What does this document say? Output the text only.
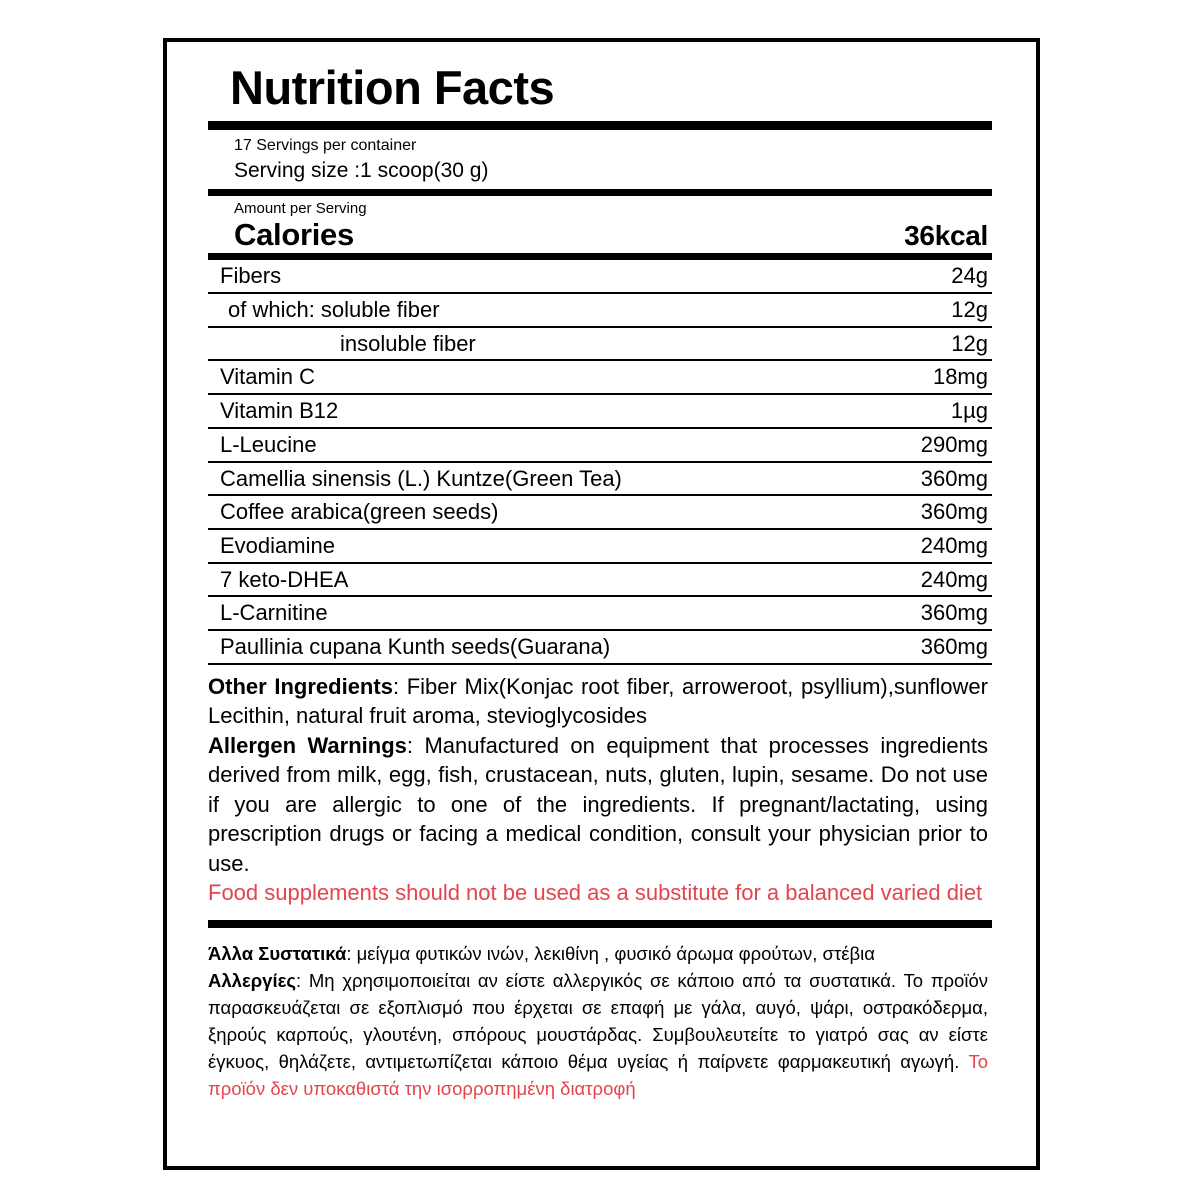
Nutrition Facts
17 Servings per container
Serving size :1 scoop(30 g)
Amount per Serving
Calories	36kcal
Fibers	24g
of which: soluble fiber	12g
insoluble fiber	12g
Vitamin C	18mg
Vitamin B12	1µg
L-Leucine	290mg
Camellia sinensis (L.) Kuntze(Green Tea)	360mg
Coffee arabica(green seeds)	360mg
Evodiamine	240mg
7 keto-DHEA	240mg
L-Carnitine	360mg
Paullinia cupana Kunth seeds(Guarana)	360mg

Other Ingredients: Fiber Mix(Konjac root fiber, arroweroot, psyllium),sunflower Lecithin, natural fruit aroma, stevioglycosides

Allergen Warnings: Manufactured on equipment that processes ingredients derived from milk, egg, fish, crustacean, nuts, gluten, lupin, sesame. Do not use if you are allergic to one of the ingredients. If pregnant/lactating, using prescription drugs or facing a medical condition, consult your physician prior to use.

Food supplements should not be used as a substitute for a balanced varied diet

Άλλα Συστατικά: μείγμα φυτικών ινών, λεκιθίνη , φυσικό άρωμα φρούτων, στέβια

Αλλεργίες: Μη χρησιμοποιείται αν είστε αλλεργικός σε κάποιο από τα συστατικά. Το προϊόν παρασκευάζεται σε εξοπλισμό που έρχεται σε επαφή με γάλα, αυγό, ψάρι, οστρακόδερμα, ξηρούς καρπούς, γλουτένη, σπόρους μουστάρδας. Συμβουλευτείτε το γιατρό σας αν είστε έγκυος, θηλάζετε, αντιμετωπίζεται κάποιο θέμα υγείας ή παίρνετε φαρμακευτική αγωγή. Το προϊόν δεν υποκαθιστά την ισορροπημένη διατροφή
